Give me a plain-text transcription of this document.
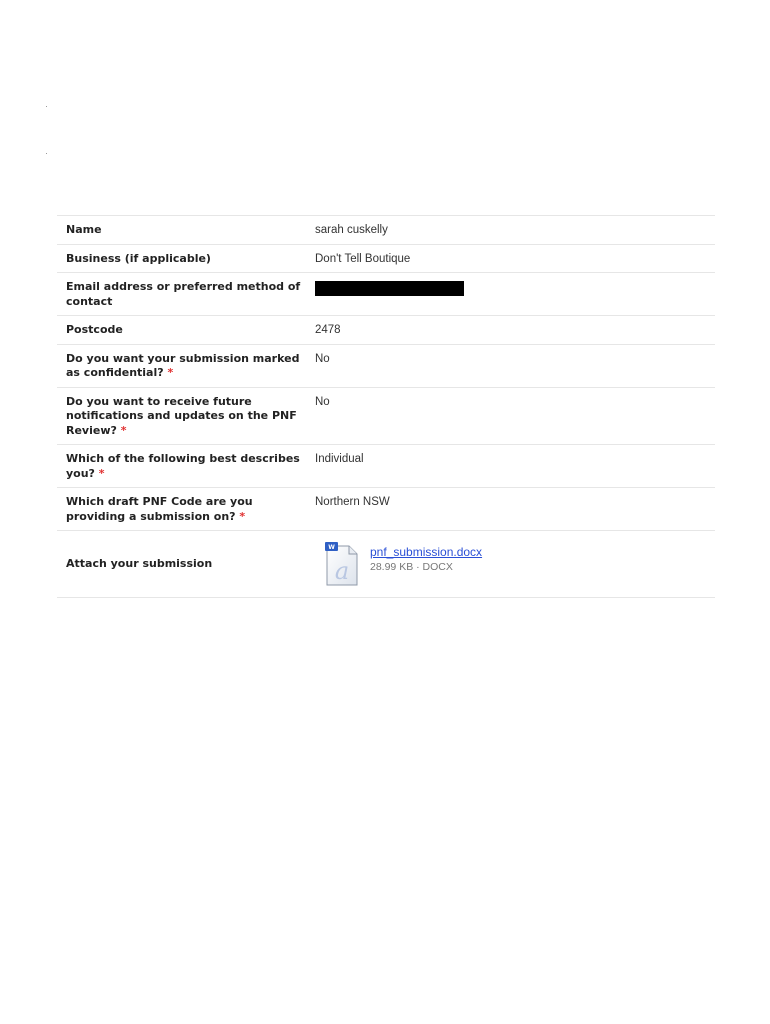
Name	sarah cuskelly
Business (if applicable)	Don't Tell Boutique
Email address or preferred method of contact	

Postcode	2478
Do you want your submission marked as confidential? *	No
Do you want to receive future notifications and updates on the PNF Review? *	No
Which of the following best describes you? *	Individual
Which draft PNF Code are you providing a submission on? *	Northern NSW
Attach your submission	W
a
pnf_submission.docx
28.99 KB · DOCX
